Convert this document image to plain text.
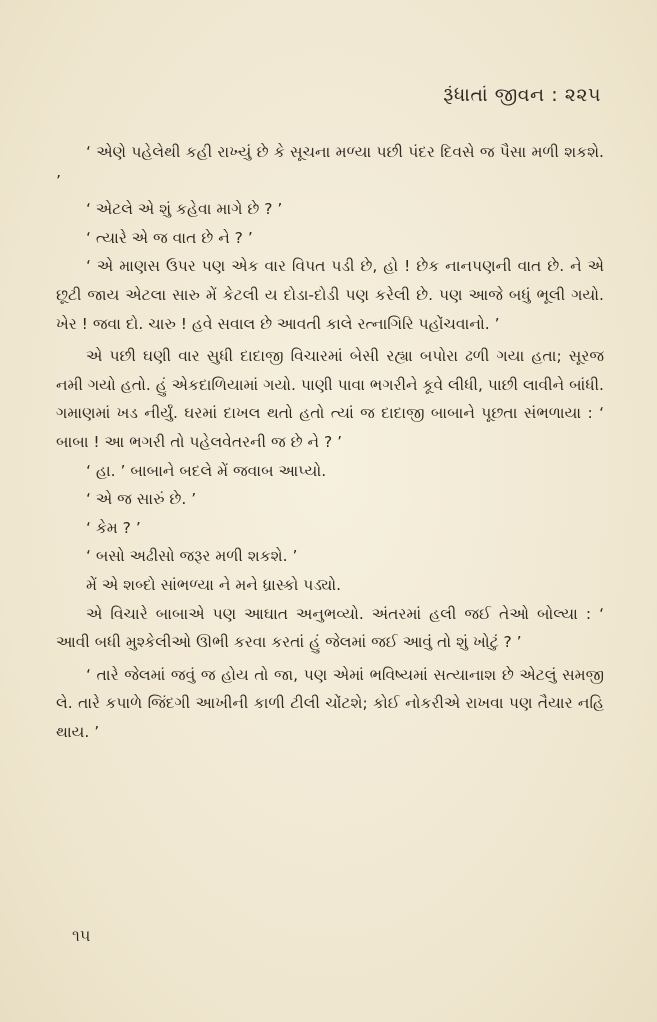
રૂંધાતાં જીવન : ૨૨૫

‘ એણે પહેલેથી કહી રાખ્યું છે કે સૂચના મળ્યા પછી પંદર દિવસે જ પૈસા મળી શકશે. ’

‘ એટલે એ શું કહેવા માગે છે ? ’

‘ ત્યારે એ જ વાત છે ને ? ’

‘ એ માણસ ઉપર પણ એક વાર વિપત પડી છે, હો ! છેક નાનપણની વાત છે. ને એ છૂટી જાય એટલા સારુ મેં કેટલી ય દોડા-દોડી પણ કરેલી છે. પણ આજે બધું ભૂલી ગયો. ખેર ! જવા દો. ચારુ ! હવે સવાલ છે આવતી કાલે રત્નાગિરિ પહોંચવાનો. ’

એ પછી ઘણી વાર સુધી દાદાજી વિચારમાં બેસી રહ્યા બપોરા ઢળી ગયા હતા; સૂરજ નમી ગયો હતો. હું એકદાળિયામાં ગયો. પાણી પાવા ભગરીને કૂવે લીધી, પાછી લાવીને બાંધી. ગમાણમાં ખડ નીર્યું. ઘરમાં દાખલ થતો હતો ત્યાં જ દાદાજી બાબાને પૂછતા સંભળાયા : ‘ બાબા ! આ ભગરી તો પહેલવેતરની જ છે ને ? ’

‘ હા. ’ બાબાને બદલે મેં જવાબ આપ્યો.

‘ એ જ સારું છે. ’

‘ કેમ ? ’

‘ બસો અઢીસો જરૂર મળી શકશે. ’

મેં એ શબ્દો સાંભળ્યા ને મને ધ્રાસ્કો પડ્યો.

એ વિચારે બાબાએ પણ આઘાત અનુભવ્યો. અંતરમાં હલી જઈ તેઓ બોલ્યા : ‘ આવી બધી મુશ્કેલીઓ ઊભી કરવા કરતાં હું જેલમાં જઈ આવું તો શું ખોટું ? ’

‘ તારે જેલમાં જવું જ હોય તો જા, પણ એમાં ભવિષ્યમાં સત્યાનાશ છે એટલું સમજી લે. તારે કપાળે જિંદગી આખીની કાળી ટીલી ચોંટશે; કોઈ નોકરીએ રાખવા પણ તૈયાર નહિ થાય. ’

૧૫
